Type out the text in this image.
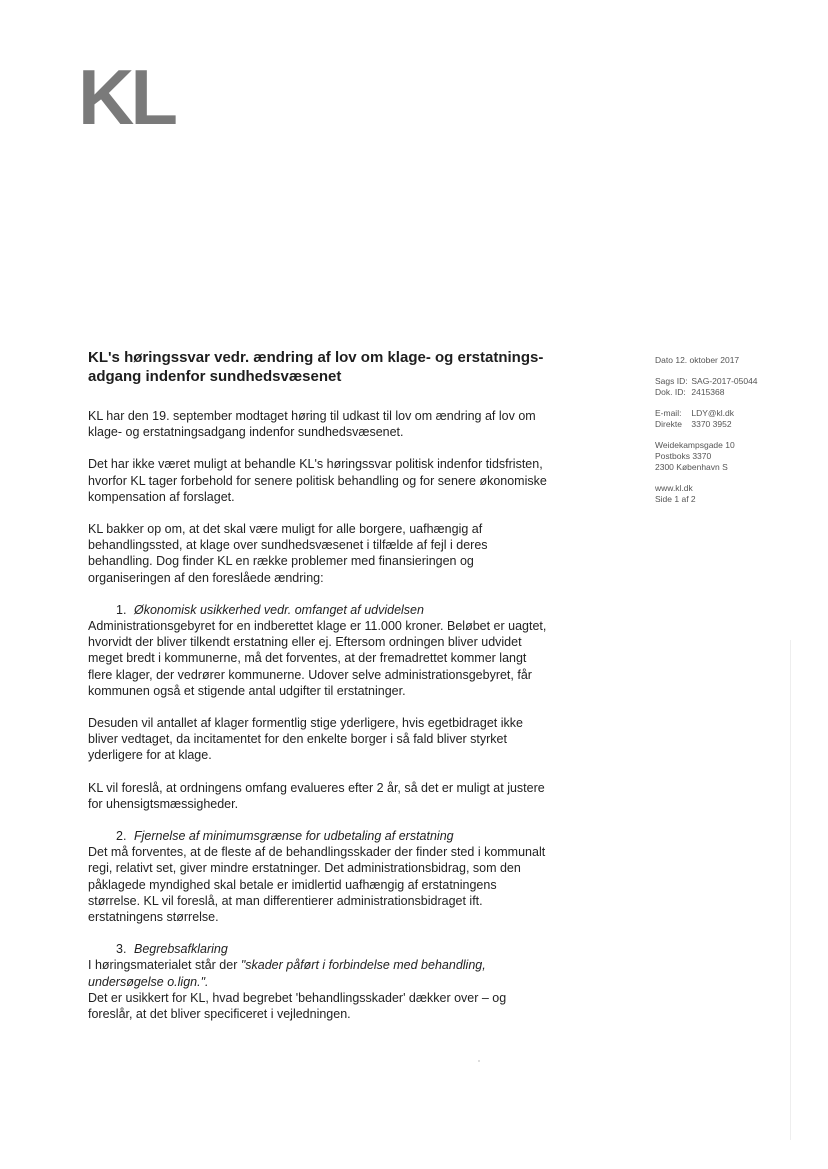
KL
KL's høringssvar vedr. ændring af lov om klage- og erstatnings-adgang indenfor sundhedsvæsenet

KL har den 19. september modtaget høring til udkast til lov om ændring af lov om klage- og erstatningsadgang indenfor sundhedsvæsenet.

Det har ikke været muligt at behandle KL's høringssvar politisk indenfor tidsfristen, hvorfor KL tager forbehold for senere politisk behandling og for senere økonomiske kompensation af forslaget.

KL bakker op om, at det skal være muligt for alle borgere, uafhængig af behandlingssted, at klage over sundhedsvæsenet i tilfælde af fejl i deres behandling. Dog finder KL en række problemer med finansieringen og organiseringen af den foreslåede ændring:

1. Økonomisk usikkerhed vedr. omfanget af udvidelsen
Administrationsgebyret for en indberettet klage er 11.000 kroner. Beløbet er uagtet, hvorvidt der bliver tilkendt erstatning eller ej. Eftersom ordningen bliver udvidet meget bredt i kommunerne, må det forventes, at der fremadrettet kommer langt flere klager, der vedrører kommunerne. Udover selve administrationsgebyret, får kommunen også et stigende antal udgifter til erstatninger.

Desuden vil antallet af klager formentlig stige yderligere, hvis egetbidraget ikke bliver vedtaget, da incitamentet for den enkelte borger i så fald bliver styrket yderligere for at klage.

KL vil foreslå, at ordningens omfang evalueres efter 2 år, så det er muligt at justere for uhensigtsmæssigheder.

2. Fjernelse af minimumsgrænse for udbetaling af erstatning
Det må forventes, at de fleste af de behandlingsskader der finder sted i kommunalt regi, relativt set, giver mindre erstatninger. Det administrationsbidrag, som den påklagede myndighed skal betale er imidlertid uafhængig af erstatningens størrelse. KL vil foreslå, at man differentierer administrationsbidraget ift. erstatningens størrelse.
3. Begrebsafklaring
I høringsmaterialet står der "skader påført i forbindelse med behandling, undersøgelse o.lign.".
Det er usikkert for KL, hvad begrebet 'behandlingsskader' dækker over – og foreslår, at det bliver specificeret i vejledningen.
Dato 12. oktober 2017
Sags ID: SAG-2017-05044
Dok. ID: 2415368
E-mail: LDY@kl.dk
Direkte 3370 3952
Weidekampsgade 10
Postboks 3370
2300 København S
www.kl.dk
Side 1 af 2
